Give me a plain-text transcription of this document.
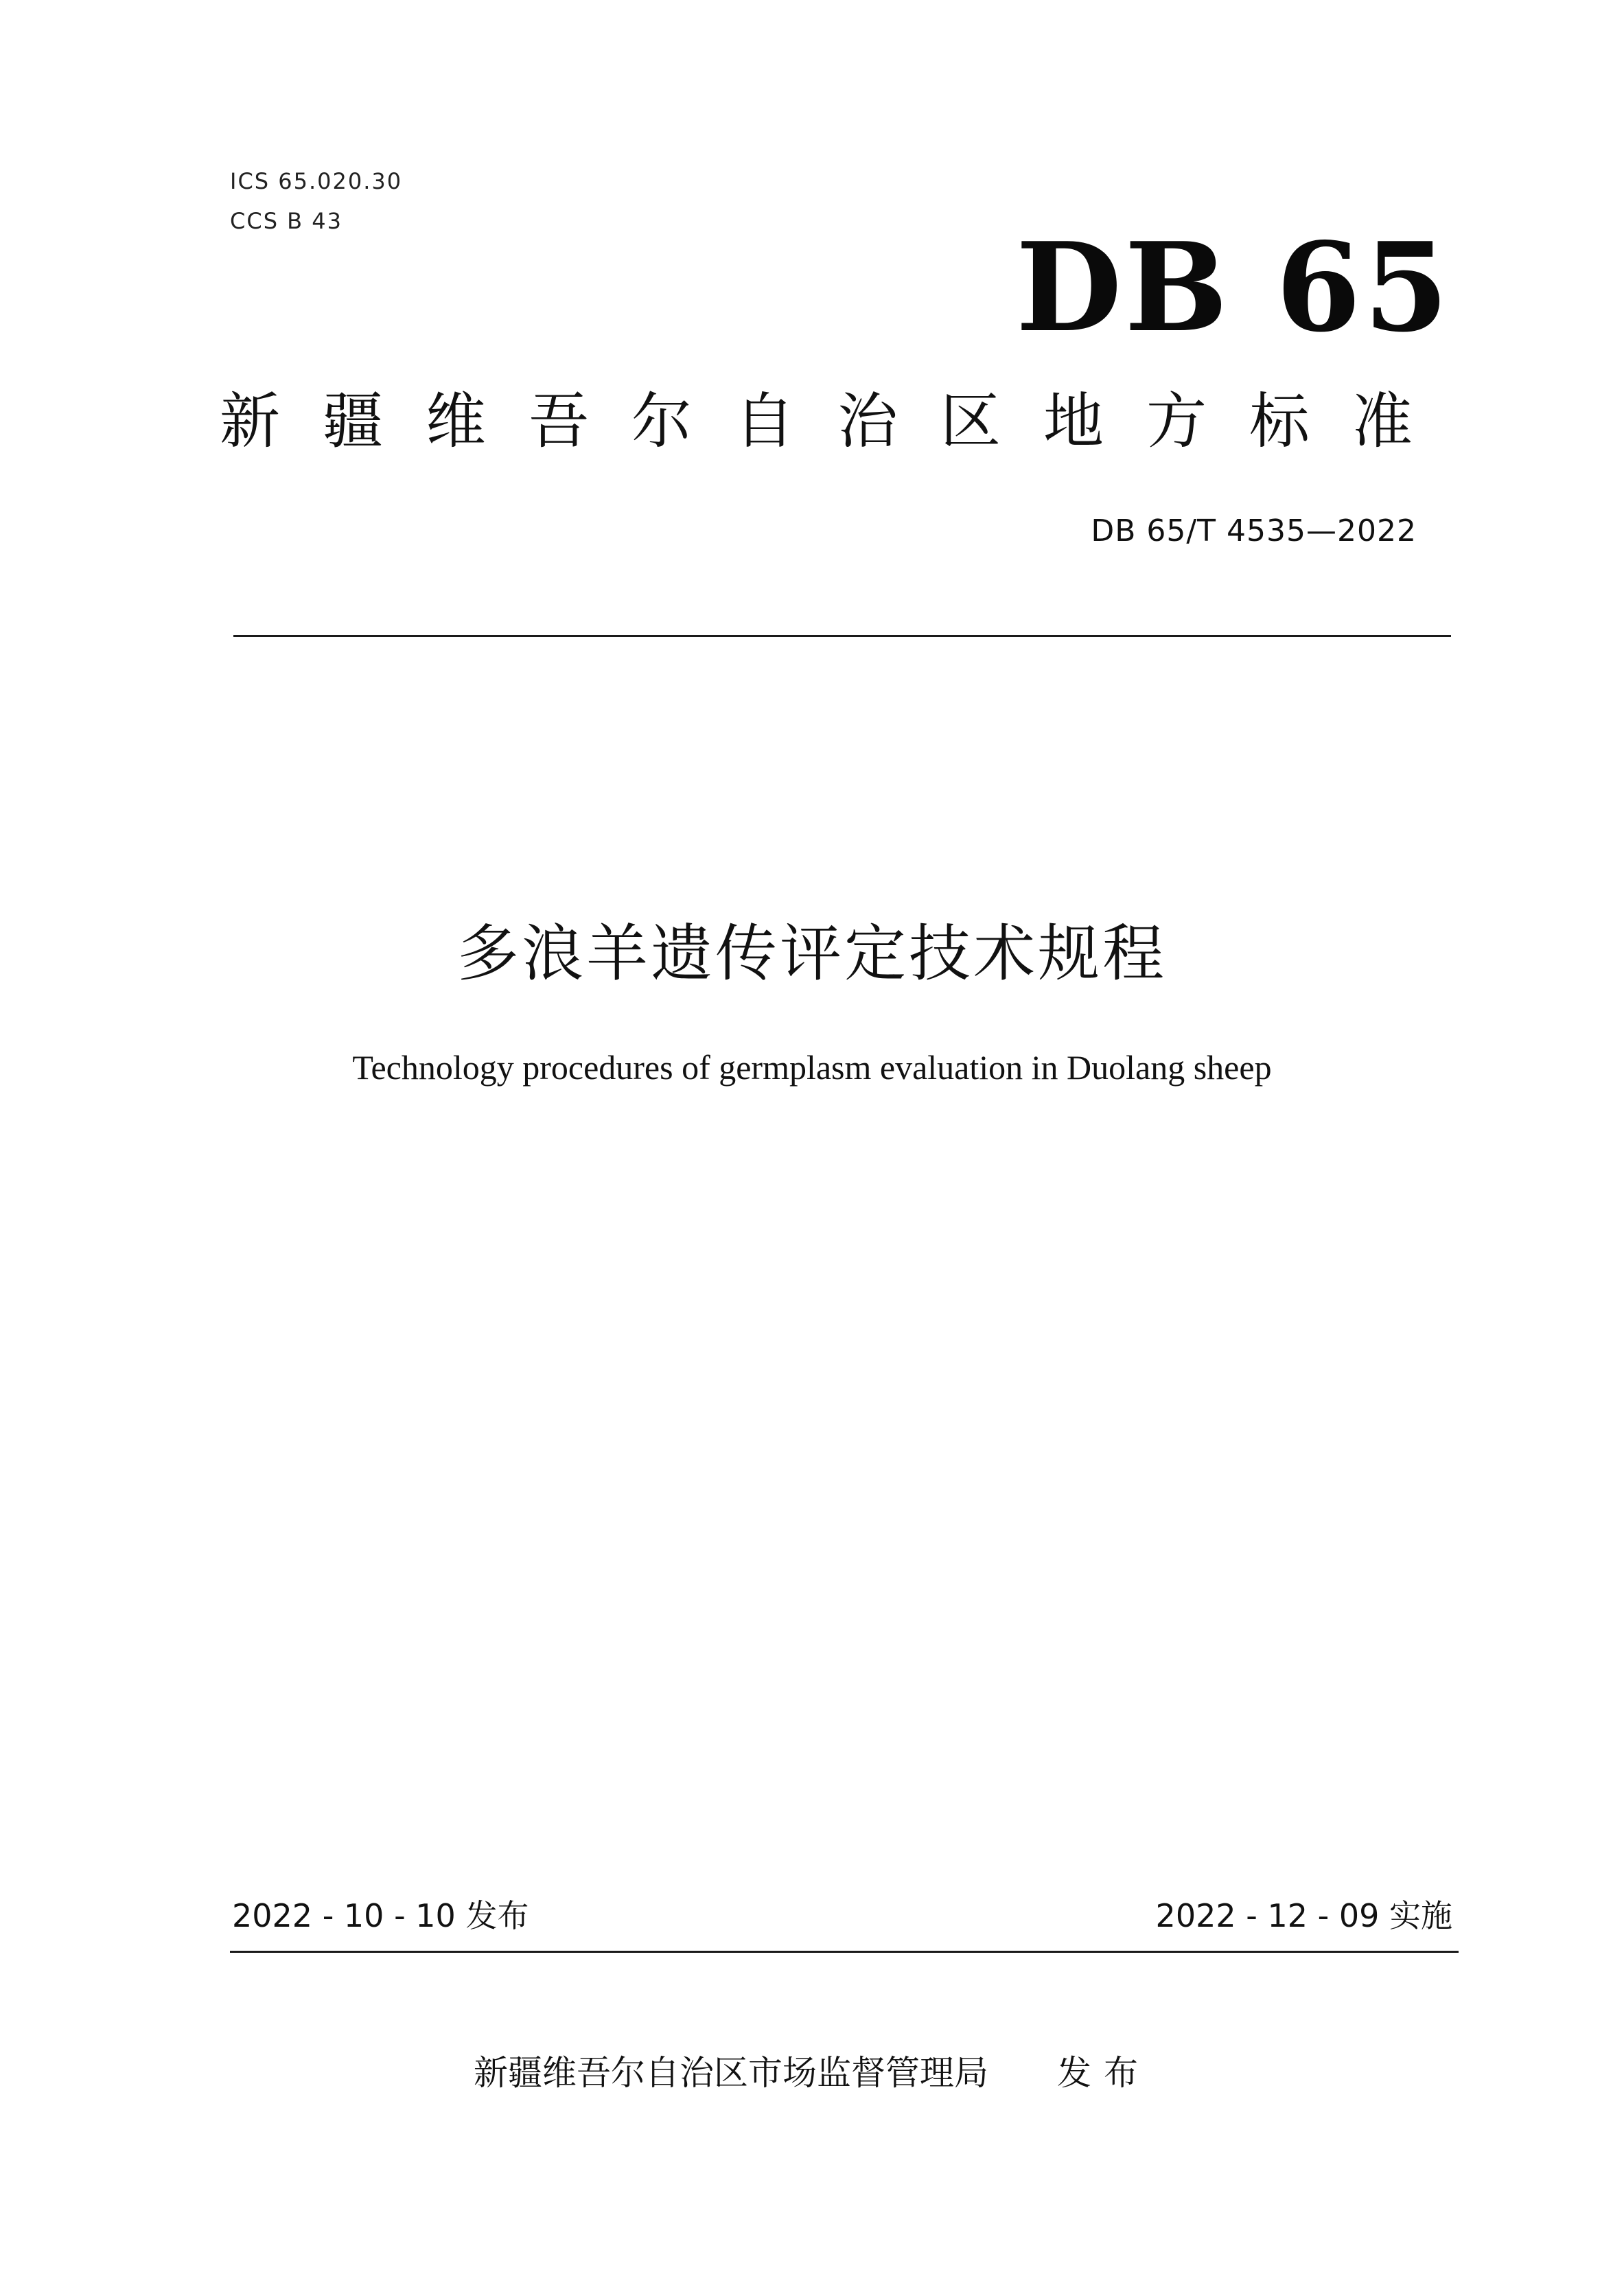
ICS 65.020.30
CCS B 43	DB 65
新疆维吾尔自治区地方标准
DB 65/T 4535—2022
多浪羊遗传评定技术规程
Technology procedures of germplasm evaluation in Duolang sheep
2022 - 10 - 10 发布	2022 - 12 - 09 实施
新疆维吾尔自治区市场监督管理局 发布
